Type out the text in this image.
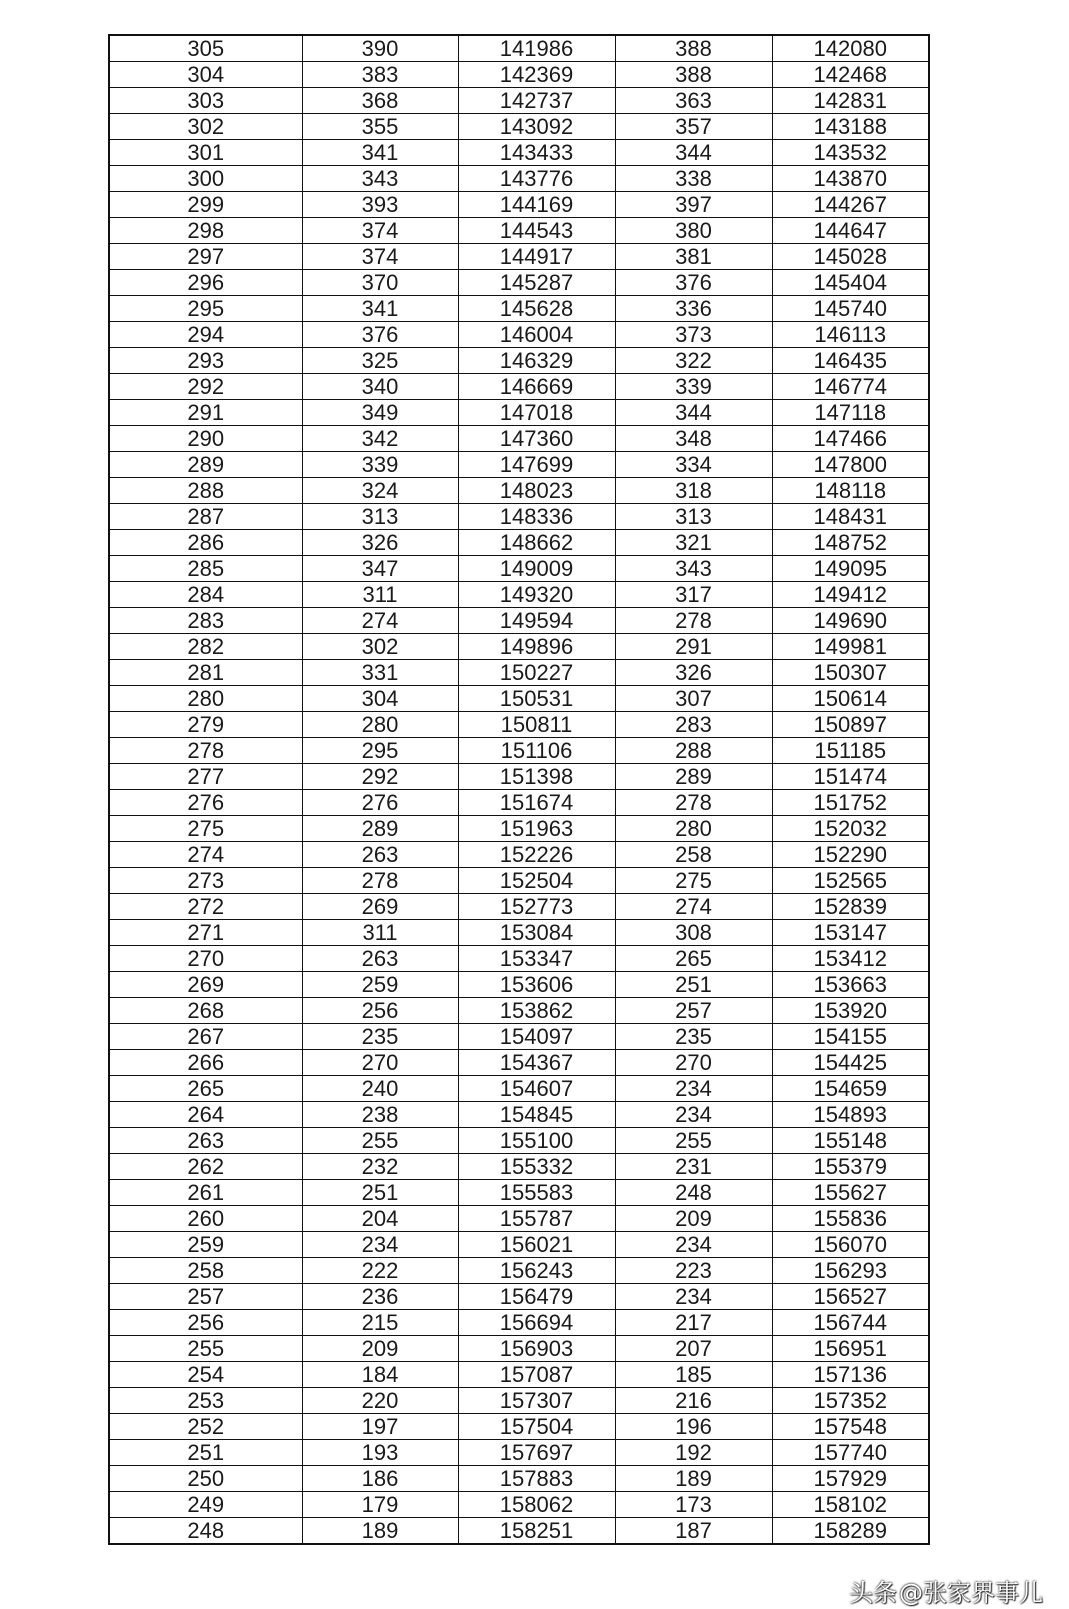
305	390	141986	388	142080
304	383	142369	388	142468
303	368	142737	363	142831
302	355	143092	357	143188
301	341	143433	344	143532
300	343	143776	338	143870
299	393	144169	397	144267
298	374	144543	380	144647
297	374	144917	381	145028
296	370	145287	376	145404
295	341	145628	336	145740
294	376	146004	373	146113
293	325	146329	322	146435
292	340	146669	339	146774
291	349	147018	344	147118
290	342	147360	348	147466
289	339	147699	334	147800
288	324	148023	318	148118
287	313	148336	313	148431
286	326	148662	321	148752
285	347	149009	343	149095
284	311	149320	317	149412
283	274	149594	278	149690
282	302	149896	291	149981
281	331	150227	326	150307
280	304	150531	307	150614
279	280	150811	283	150897
278	295	151106	288	151185
277	292	151398	289	151474
276	276	151674	278	151752
275	289	151963	280	152032
274	263	152226	258	152290
273	278	152504	275	152565
272	269	152773	274	152839
271	311	153084	308	153147
270	263	153347	265	153412
269	259	153606	251	153663
268	256	153862	257	153920
267	235	154097	235	154155
266	270	154367	270	154425
265	240	154607	234	154659
264	238	154845	234	154893
263	255	155100	255	155148
262	232	155332	231	155379
261	251	155583	248	155627
260	204	155787	209	155836
259	234	156021	234	156070
258	222	156243	223	156293
257	236	156479	234	156527
256	215	156694	217	156744
255	209	156903	207	156951
254	184	157087	185	157136
253	220	157307	216	157352
252	197	157504	196	157548
251	193	157697	192	157740
250	186	157883	189	157929
249	179	158062	173	158102
248	189	158251	187	158289
头条 @张家界事儿
